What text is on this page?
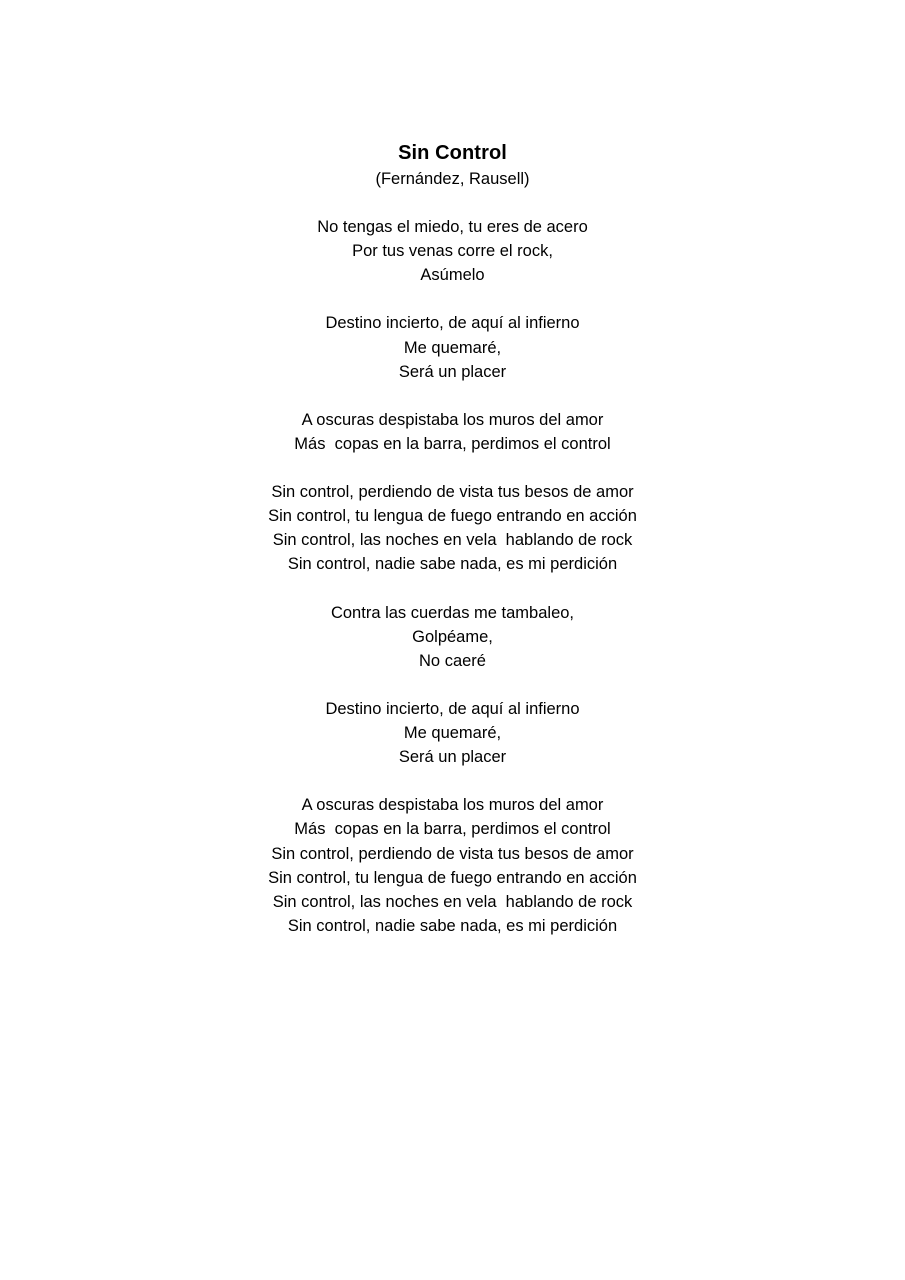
Sin Control
(Fernández, Rausell)
No tengas el miedo, tu eres de acero
Por tus venas corre el rock,
Asúmelo
Destino incierto, de aquí al infierno
Me quemaré,
Será un placer
A oscuras despistaba los muros del amor
Más  copas en la barra, perdimos el control
Sin control, perdiendo de vista tus besos de amor
Sin control, tu lengua de fuego entrando en acción
Sin control, las noches en vela  hablando de rock
Sin control, nadie sabe nada, es mi perdición
Contra las cuerdas me tambaleo,
Golpéame,
No caeré
Destino incierto, de aquí al infierno
Me quemaré,
Será un placer
A oscuras despistaba los muros del amor
Más  copas en la barra, perdimos el control
Sin control, perdiendo de vista tus besos de amor
Sin control, tu lengua de fuego entrando en acción
Sin control, las noches en vela  hablando de rock
Sin control, nadie sabe nada, es mi perdición
